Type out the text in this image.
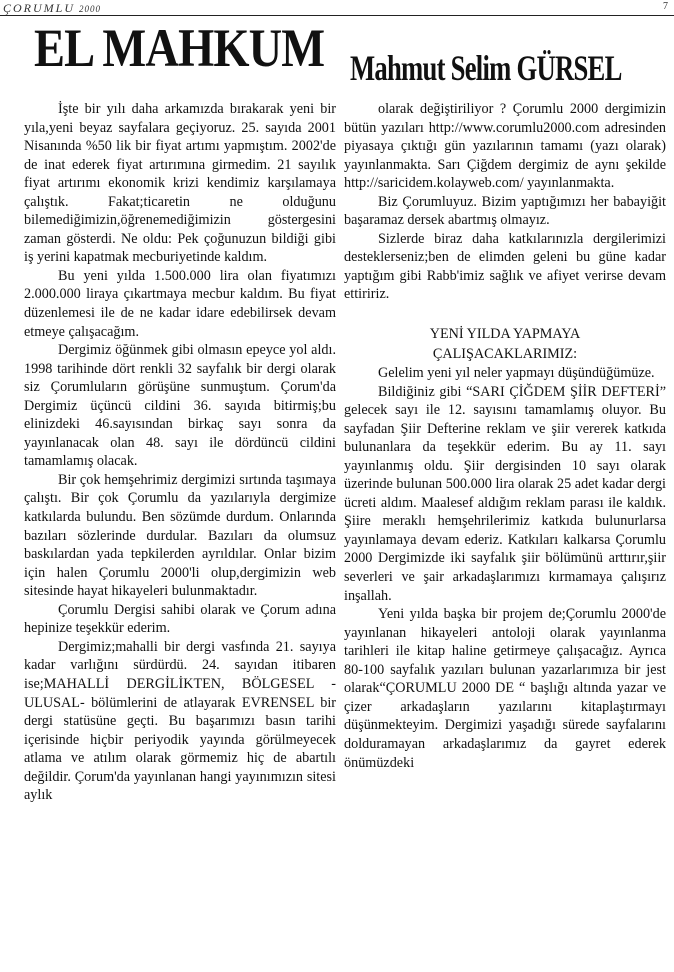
ÇORUMLU 2000	7
EL MAHKUM Mahmut Selim GÜRSEL

İşte bir yılı daha arkamızda bırakarak yeni bir yıla,yeni beyaz sayfalara geçiyoruz. 25. sayıda 2001 Nisanında %50 lik bir fiyat artımı yapmıştım. 2002'de de inat ederek fiyat artırımına girmedim. 21 sayılık fiyat artırımı ekonomik krizi kendimiz karşılamaya çalıştık. Fakat;ticaretin ne olduğunu bilemediğimizin,öğrenemediğimizin göstergesini zaman gösterdi. Ne oldu: Pek çoğunuzun bildiği gibi iş yerini kapatmak mecburiyetinde kaldım.

Bu yeni yılda 1.500.000 lira olan fiyatımızı 2.000.000 liraya çıkartmaya mecbur kaldım. Bu fiyat düzenlemesi ile de ne kadar idare edebilirsek devam etmeye çalışacağım.

Dergimiz öğünmek gibi olmasın epeyce yol aldı. 1998 tarihinde dört renkli 32 sayfalık bir dergi olarak siz Çorumluların görüşüne sunmuştum. Çorum'da Dergimiz üçüncü cildini 36. sayıda bitirmiş;bu elinizdeki 46.sayısından birkaç sayı sonra da yayınlanacak olan 48. sayı ile dördüncü cildini tamamlamış olacak.

Bir çok hemşehrimiz dergimizi sırtında taşımaya çalıştı. Bir çok Çorumlu da yazılarıyla dergimize katkılarda bulundu. Ben sözümde durdum. Onlarında bazıları sözlerinde durdular. Bazıları da olumsuz baskılardan yada tepkilerden ayrıldılar. Onlar bizim için halen Çorumlu 2000'li olup,dergimizin web sitesinde hayat hikayeleri bulunmaktadır.

Çorumlu Dergisi sahibi olarak ve Çorum adına hepinize teşekkür ederim.

Dergimiz;mahalli bir dergi vasfında 21. sayıya kadar varlığını sürdürdü. 24. sayıdan itibaren ise;MAHALLİ DERGİLİKTEN, BÖLGESEL - ULUSAL- bölümlerini de atlayarak EVRENSEL bir dergi statüsüne geçti. Bu başarımızı basın tarihi içerisinde hiçbir periyodik yayında görülmeyecek atlama ve atılım olarak görmemiz hiç de abartılı değildir. Çorum'da yayınlanan hangi yayınımızın sitesi aylık

olarak değiştiriliyor ? Çorumlu 2000 dergimizin bütün yazıları http://www.corumlu2000.com adresinden piyasaya çıktığı gün yazılarının tamamı (yazı olarak) yayınlanmakta. Sarı Çiğdem dergimiz de aynı şekilde http://saricidem.kolayweb.com/ yayınlanmakta.

Biz Çorumluyuz. Bizim yaptığımızı her babayiğit başaramaz dersek abartmış olmayız.

Sizlerde biraz daha katkılarınızla dergilerimizi desteklerseniz;ben de elimden geleni bu güne kadar yaptığım gibi Rabb'imiz sağlık ve afiyet verirse devam ettiririz.

YENİ YILDA YAPMAYA

ÇALIŞACAKLARIMIZ:

Gelelim yeni yıl neler yapmayı düşündüğümüze.

Bildiğiniz gibi “SARI ÇİĞDEM ŞİİR DEFTERİ” gelecek sayı ile 12. sayısını tamamlamış oluyor. Bu sayfadan Şiir Defterine reklam ve şiir vererek katkıda bulunanlara da teşekkür ederim. Bu ay 11. sayı yayınlanmış oldu. Şiir dergisinden 10 sayı olarak üzerinde bulunan 500.000 lira olarak 25 adet kadar dergi ücreti aldım. Maalesef aldığım reklam parası ile kaldık. Şiire meraklı hemşehrilerimiz katkıda bulunurlarsa yayınlamaya devam ederiz. Katkıları kalkarsa Çorumlu 2000 Dergimizde iki sayfalık şiir bölümünü arttırır,şiir severleri ve şair arkadaşlarımızı kırmamaya çalışırız inşallah.

Yeni yılda başka bir projem de;Çorumlu 2000'de yayınlanan hikayeleri antoloji olarak yayınlanma tarihleri ile kitap haline getirmeye çalışacağız. Ayrıca 80-100 sayfalık yazıları bulunan yazarlarımıza bir jest olarak“ÇORUMLU 2000 DE “ başlığı altında yazar ve çizer arkadaşların yazılarını kitaplaştırmayı düşünmekteyim. Dergimizi yaşadığı sürede sayfalarını dolduramayan arkadaşlarımız da gayret ederek önümüzdeki
